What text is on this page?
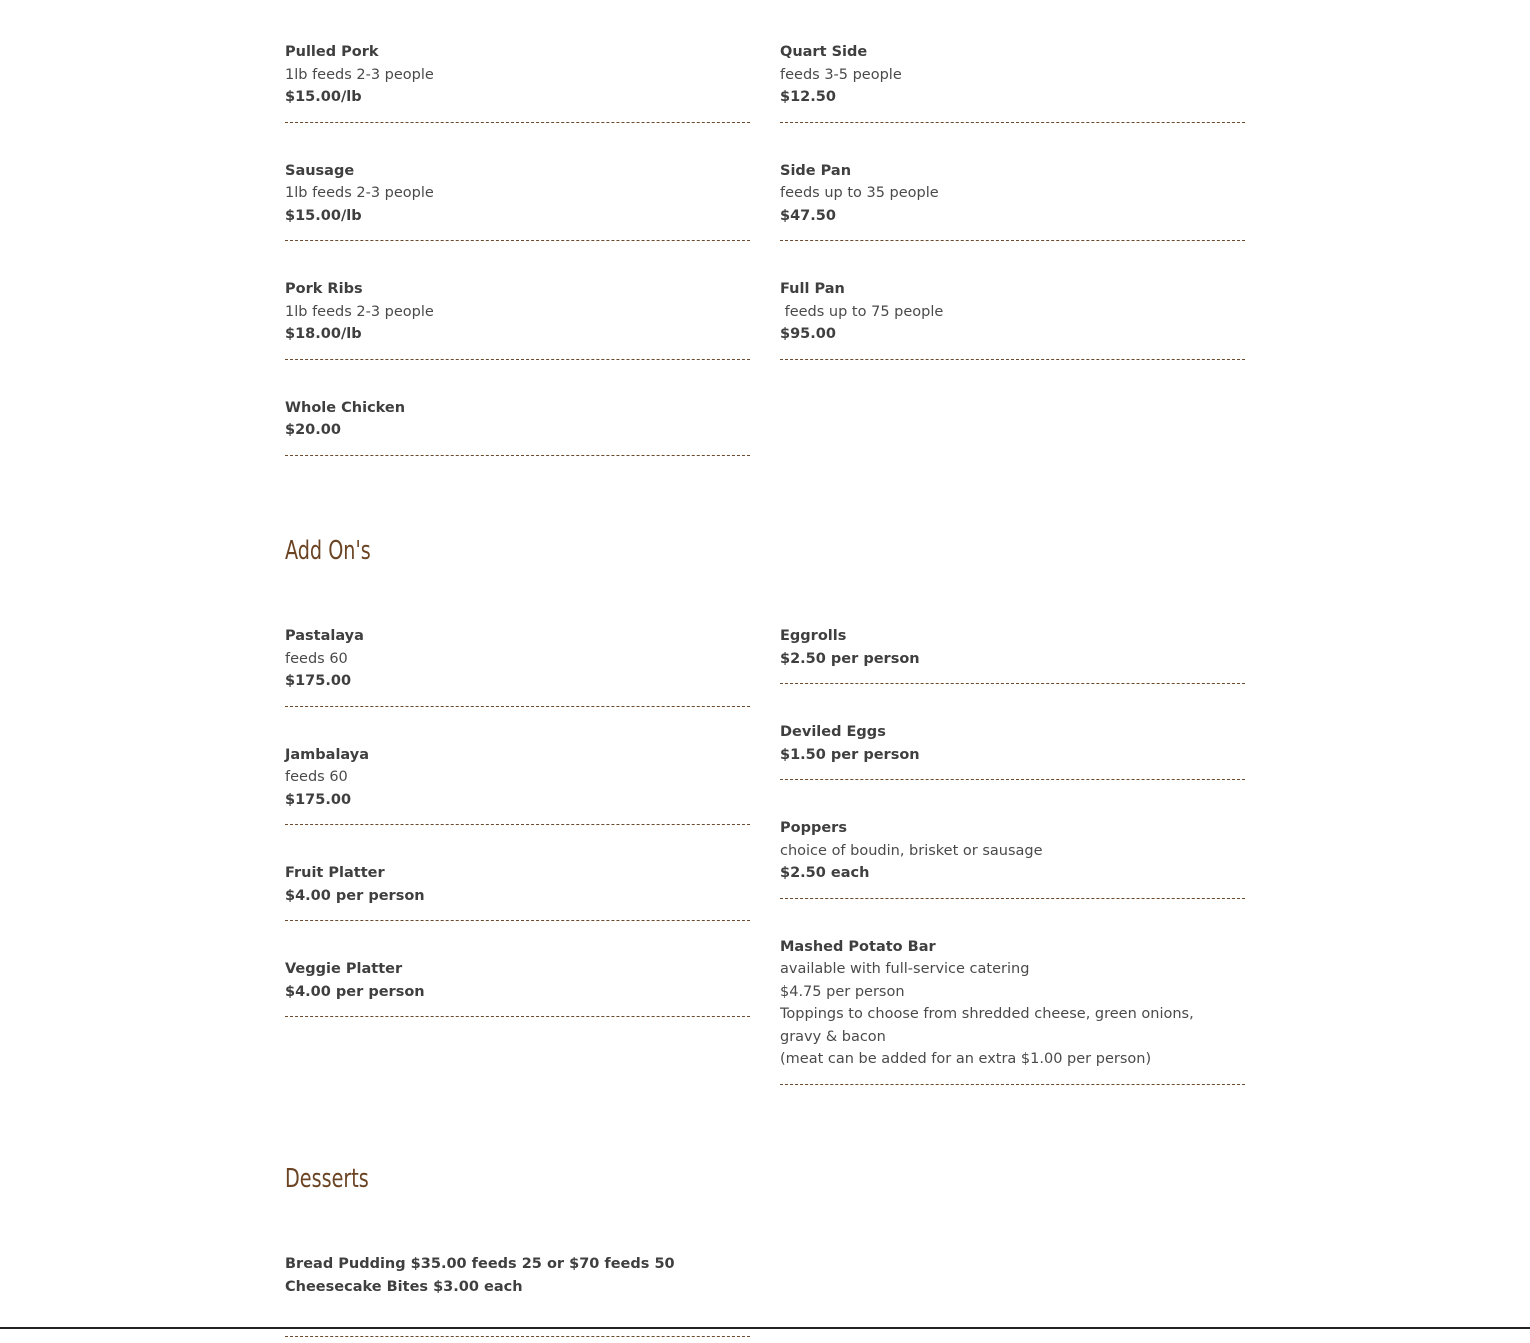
Pulled Pork
1lb feeds 2-3 people
$15.00/lb
Sausage
1lb feeds 2-3 people
$15.00/lb
Pork Ribs
1lb feeds 2-3 people
$18.00/lb
Whole Chicken
$20.00
Quart Side
feeds 3-5 people
$12.50
Side Pan
feeds up to 35 people
$47.50
Full Pan
feeds up to 75 people
$95.00
Add On's
Pastalaya
feeds 60
$175.00
Jambalaya
feeds 60
$175.00
Fruit Platter
$4.00 per person
Veggie Platter
$4.00 per person
Eggrolls
$2.50 per person
Deviled Eggs
$1.50 per person
Poppers
choice of boudin, brisket or sausage
$2.50 each
Mashed Potato Bar
available with full-service catering
$4.75 per person
Toppings to choose from shredded cheese, green onions,
gravy & bacon
(meat can be added for an extra $1.00 per person)
Desserts
Bread Pudding $35.00 feeds 25 or $70 feeds 50
Cheesecake Bites $3.00 each
